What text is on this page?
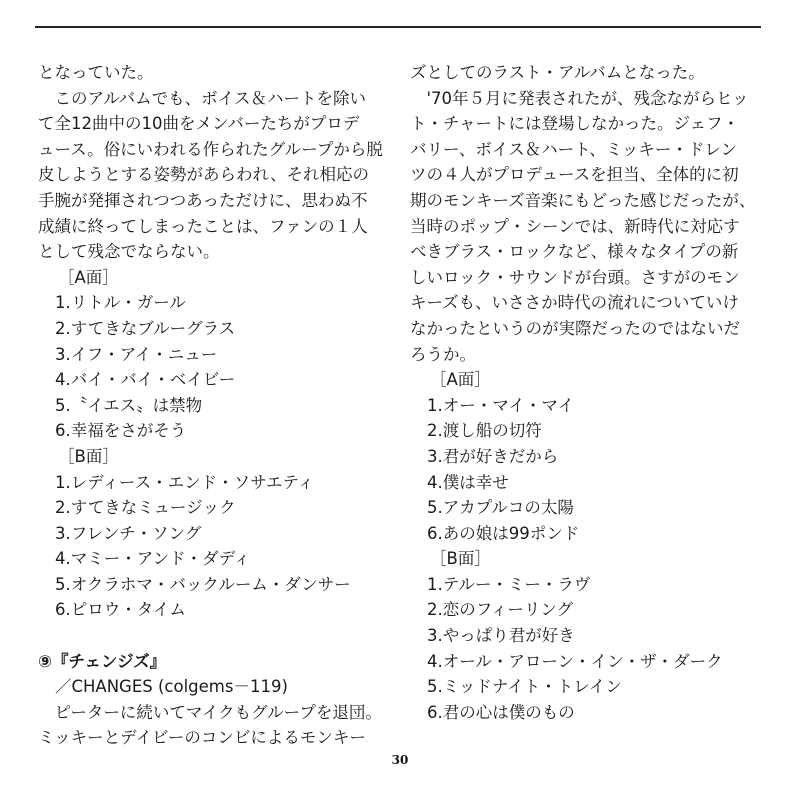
となっていた。
　このアルバムでも、ボイス＆ハートを除い
て全12曲中の10曲をメンバーたちがプロデ
ュース。俗にいわれる作られたグループから脱
皮しようとする姿勢があらわれ、それ相応の
手腕が発揮されつつあっただけに、思わぬ不
成績に終ってしまったことは、ファンの１人
として残念でならない。
［A面］
1.リトル・ガール
2.すてきなブルーグラス
3.イフ・アイ・ニュー
4.バイ・バイ・ベイビー
5.〝イエス〟は禁物
6.幸福をさがそう
［B面］
1.レディース・エンド・ソサエティ
2.すてきなミュージック
3.フレンチ・ソング
4.マミー・アンド・ダディ
5.オクラホマ・バックルーム・ダンサー
6.ピロウ・タイム
⑨『チェンジズ』
／CHANGES (colgems－119)
　ピーターに続いてマイクもグループを退団。
ミッキーとデイビーのコンビによるモンキー
ズとしてのラスト・アルバムとなった。
　'70年５月に発表されたが、残念ながらヒッ
ト・チャートには登場しなかった。ジェフ・
バリー、ボイス＆ハート、ミッキー・ドレン
ツの４人がプロデュースを担当、全体的に初
期のモンキーズ音楽にもどった感じだったが、
当時のポップ・シーンでは、新時代に対応す
べきブラス・ロックなど、様々なタイプの新
しいロック・サウンドが台頭。さすがのモン
キーズも、いささか時代の流れについていけ
なかったというのが実際だったのではないだ
ろうか。
［A面］
1.オー・マイ・マイ
2.渡し船の切符
3.君が好きだから
4.僕は幸せ
5.アカプルコの太陽
6.あの娘は99ポンド
［B面］
1.テルー・ミー・ラヴ
2.恋のフィーリング
3.やっぱり君が好き
4.オール・アローン・イン・ザ・ダーク
5.ミッドナイト・トレイン
6.君の心は僕のもの
30
